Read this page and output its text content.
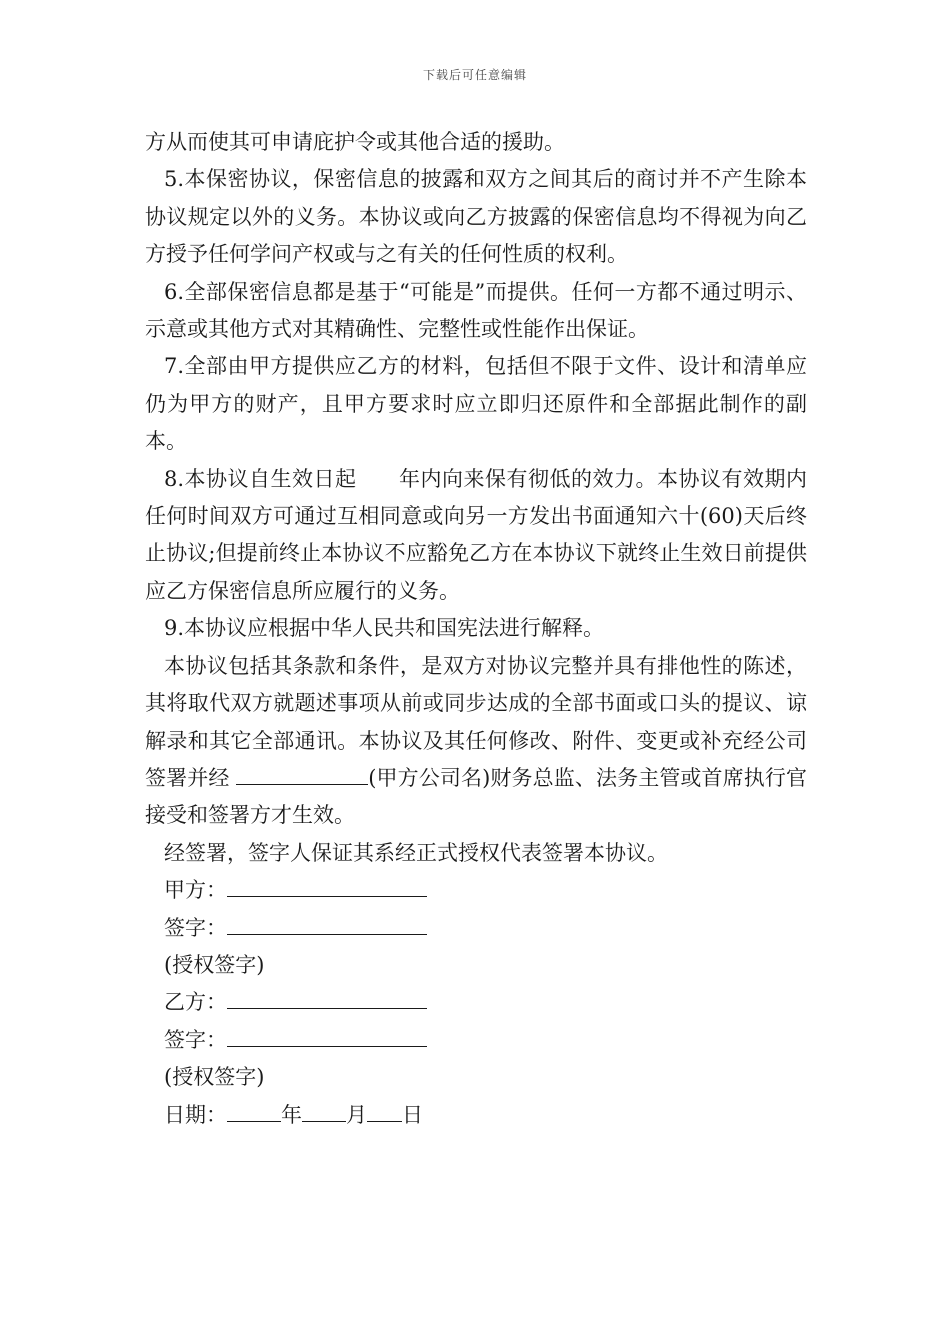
下载后可任意编辑

方从而使其可申请庇护令或其他合适的援助。

5.本保密协议，保密信息的披露和双方之间其后的商讨并不产生除本协议规定以外的义务。本协议或向乙方披露的保密信息均不得视为向乙方授予任何学问产权或与之有关的任何性质的权利。

6.全部保密信息都是基于“可能是”而提供。任何一方都不通过明示、示意或其他方式对其精确性、完整性或性能作出保证。

7.全部由甲方提供应乙方的材料，包括但不限于文件、设计和清单应仍为甲方的财产，且甲方要求时应立即归还原件和全部据此制作的副本。

8.本协议自生效日起 年内向来保有彻低的效力。本协议有效期内任何时间双方可通过互相同意或向另一方发出书面通知六十(60)天后终止协议;但提前终止本协议不应豁免乙方在本协议下就终止生效日前提供应乙方保密信息所应履行的义务。

9.本协议应根据中华人民共和国宪法进行解释。

本协议包括其条款和条件，是双方对协议完整并具有排他性的陈述，其将取代双方就题述事项从前或同步达成的全部书面或口头的提议、谅解录和其它全部通讯。本协议及其任何修改、附件、变更或补充经公司签署并经	(甲方公司名)财务总监、法务主管或首席执行官接受和签署方才生效。

经签署，签字人保证其系经正式授权代表签署本协议。

甲方：
签字：
(授权签字)
乙方：
签字：
(授权签字)
日期：	年 月 日
